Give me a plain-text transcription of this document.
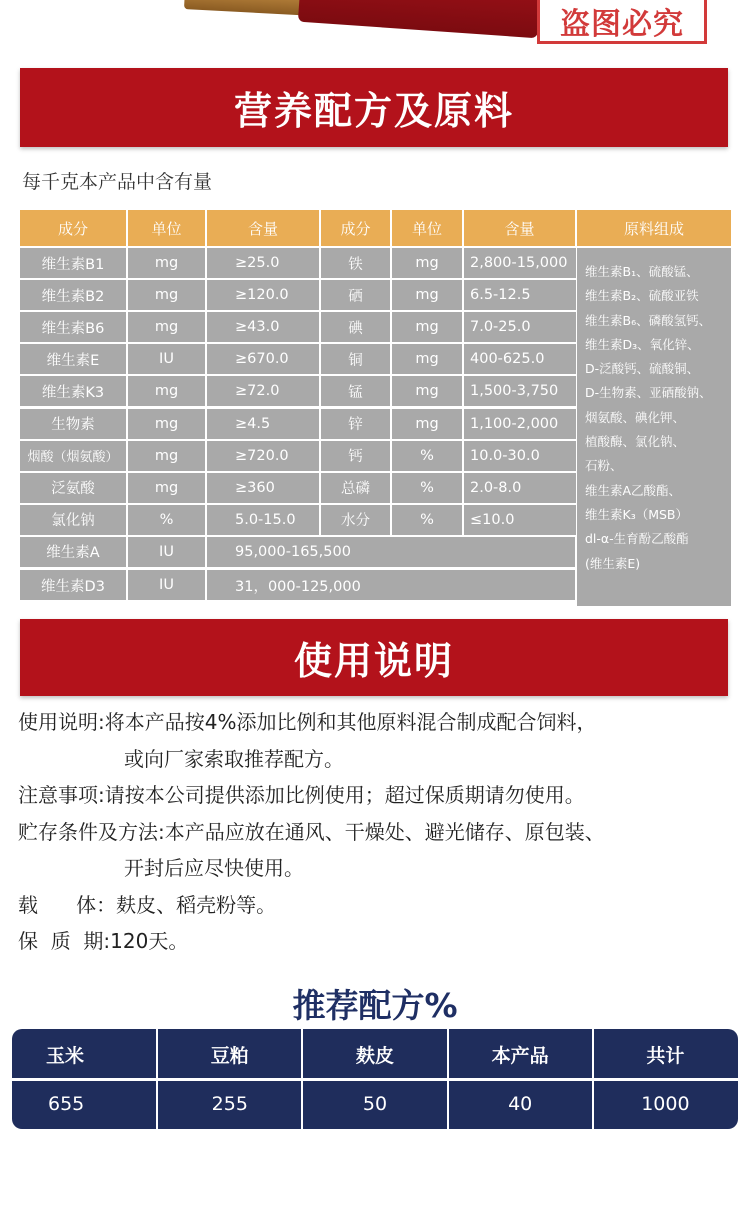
盗图必究
营养配方及原料
每千克本产品中含有量
成分	单位	含量	成分	单位	含量	原料组成
维生素B1	mg	≥25.0	铁	mg	2,800-15,000
维生素B2	mg	≥120.0	硒	mg	6.5-12.5
维生素B6	mg	≥43.0	碘	mg	7.0-25.0
维生素E	IU	≥670.0	铜	mg	400-625.0
维生素K3	mg	≥72.0	锰	mg	1,500-3,750
生物素	mg	≥4.5	锌	mg	1,100-2,000
烟酸（烟氨酸）	mg	≥720.0	钙	%	10.0-30.0
泛氨酸	mg	≥360	总磷	%	2.0-8.0
氯化钠	%	5.0-15.0	水分	%	≤10.0
维生素A	IU	95,000-165,500
维生素D3	IU	31，000-125,000
维生素B₁、硫酸锰、
维生素B₂、硫酸亚铁
维生素B₆、磷酸氢钙、
维生素D₃、氧化锌、
D-泛酸钙、硫酸铜、
D-生物素、亚硒酸钠、
烟氨酸、碘化钾、
植酸酶、氯化钠、
石粉、
维生素A乙酸酯、
维生素K₃（MSB）
dl-α-生育酚乙酸酯
(维生素E)
使用说明
使用说明: 将本产品按4%添加比例和其他原料混合制成配合饲料，
或向厂家索取推荐配方。
注意事项: 请按本公司提供添加比例使用；超过保质期请勿使用。
贮存条件及方法: 本产品应放在通风、干燥处、避光储存、原包装、
开封后应尽快使用。
载      体： 麸皮、稻壳粉等。
保  质  期: 120天。
推荐配方%
玉米	豆粕	麸皮	本产品	共计
655	255	50	40	1000
